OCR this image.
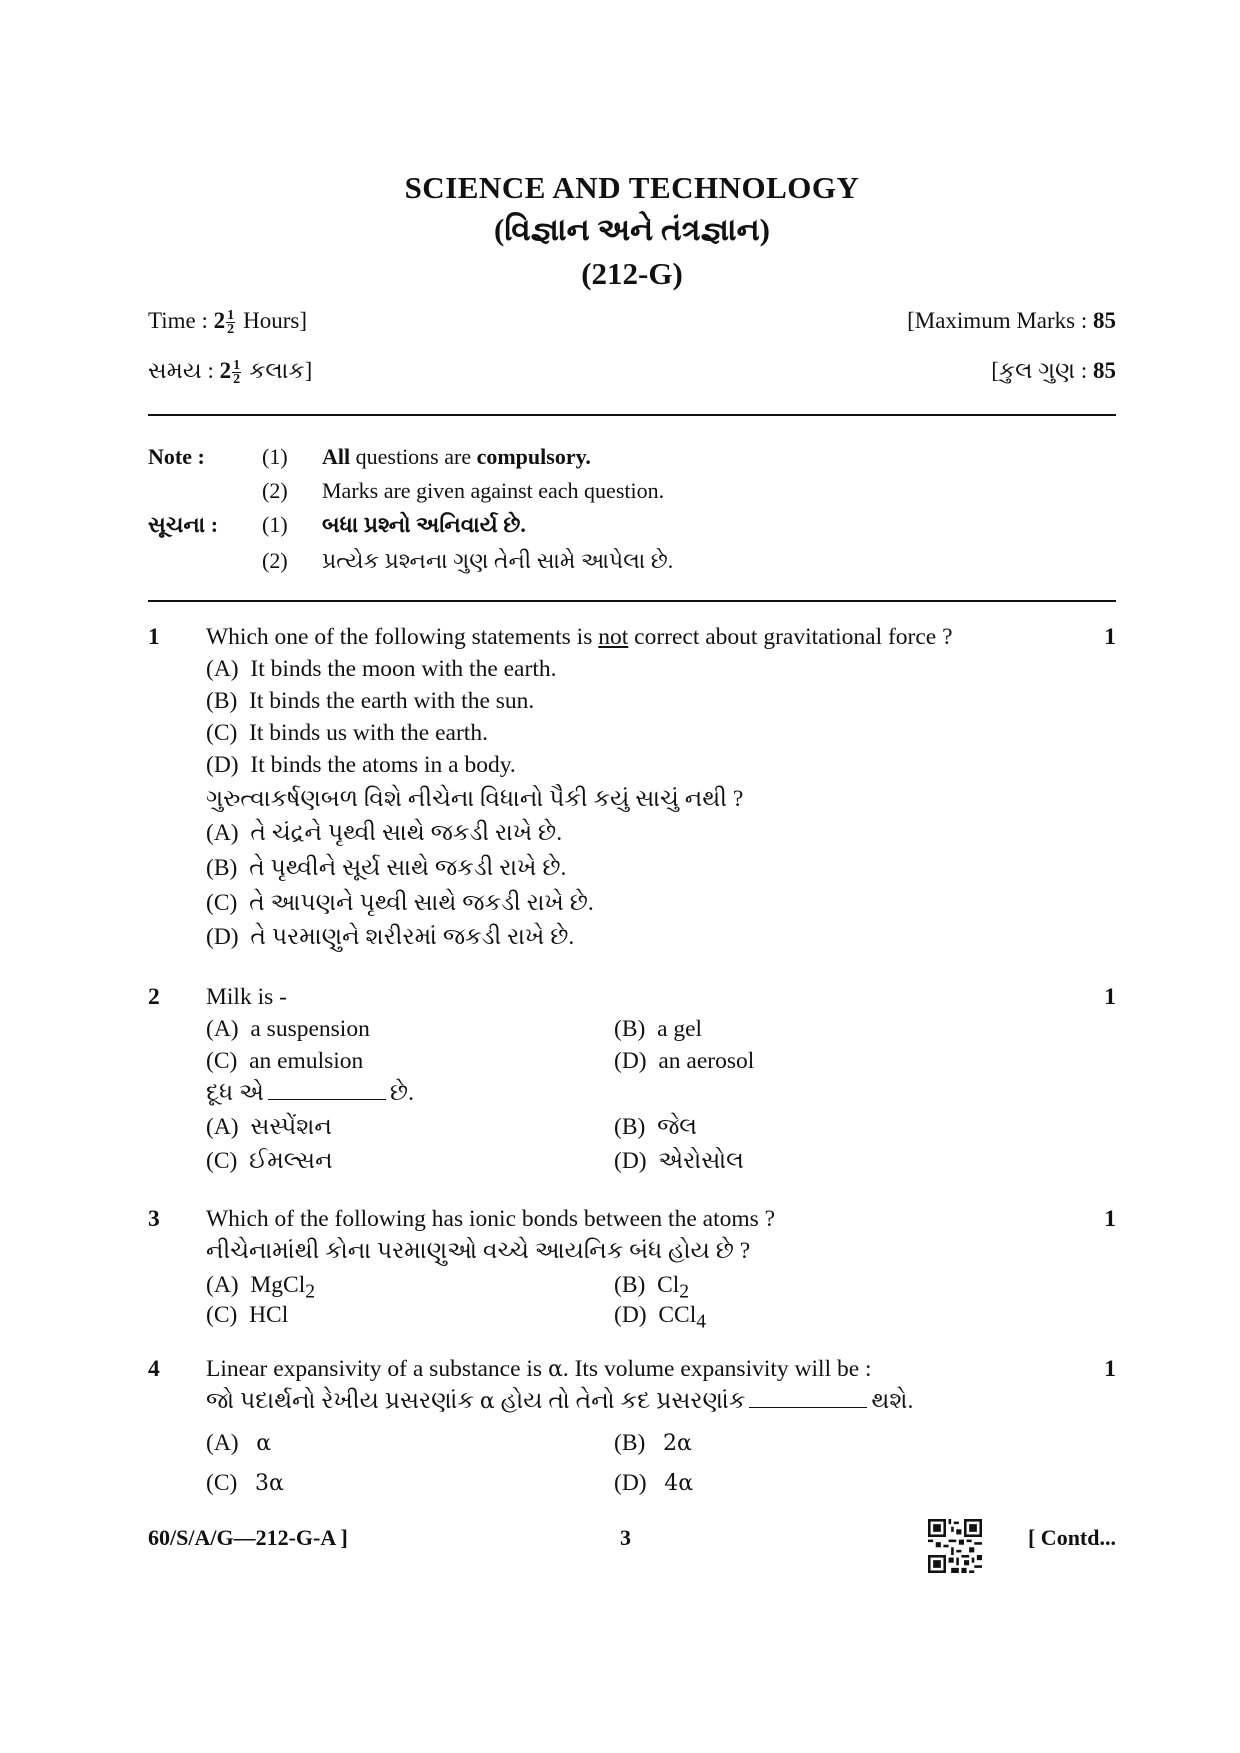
SCIENCE AND TECHNOLOGY
(વિજ્ઞાન અને તંત્રજ્ઞાન)
(212-G)
Time : $2 \frac{1}{2}$ Hours]	[Maximum Marks : 85
સમય : $2 \frac{1}{2}$ કલાક]	[કુલ ગુણ : 85
Note :	(1) All questions are compulsory.
(2) Marks are given against each question.
સૂચના : (1) બધા પ્રશ્નો અનિવાર્ય છે.
(2) પ્રત્યેક પ્રશ્નના ગુણ તેની સામે આપેલા છે.
1	1
Which one of the following statements is not correct about gravitational force ?
(A)  It binds the moon with the earth.
(B)  It binds the earth with the sun.
(C)  It binds us with the earth.
(D)  It binds the atoms in a body.
ગુરુત્વાકર્ષણબળ વિશે નીચેના વિધાનો પૈકી કયું સાચું નથી ?
(A)  તે ચંદ્રને પૃથ્વી સાથે જકડી રાખે છે.
(B)  તે પૃથ્વીને સૂર્ય સાથે જકડી રાખે છે.
(C)  તે આપણને પૃથ્વી સાથે જકડી રાખે છે.
(D)  તે પરમાણુને શરીરમાં જકડી રાખે છે.
2	1
Milk is -
(A)  a suspension	(B)  a gel
(C)  an emulsion	(D)  an aerosol
દૂધ એ	છે.
(A)  સસ્પેંશન	(B)  જેલ
(C)  ઈમલ્સન	(D)  એરોસોલ
3	1
Which of the following has ionic bonds between the atoms ?
નીચેનામાંથી કોના પરમાણુઓ વચ્ચે આયનિક બંધ હોય છે ?
(A) MgCl$_2$	(B) $Cl_2$
(C) HCl	(D) CCl$_4$
4	1
Linear expansivity of a substance is α. Its volume expansivity will be :
જો પદાર્થનો રેખીય પ્રસરણાંક α હોય તો તેનો કદ પ્રસરણાંક	થશે.
(A) α	(B) 2α
(C) 3α	(D) 4α
60/S/A/G—212-G-A ]	3	[ Contd...
